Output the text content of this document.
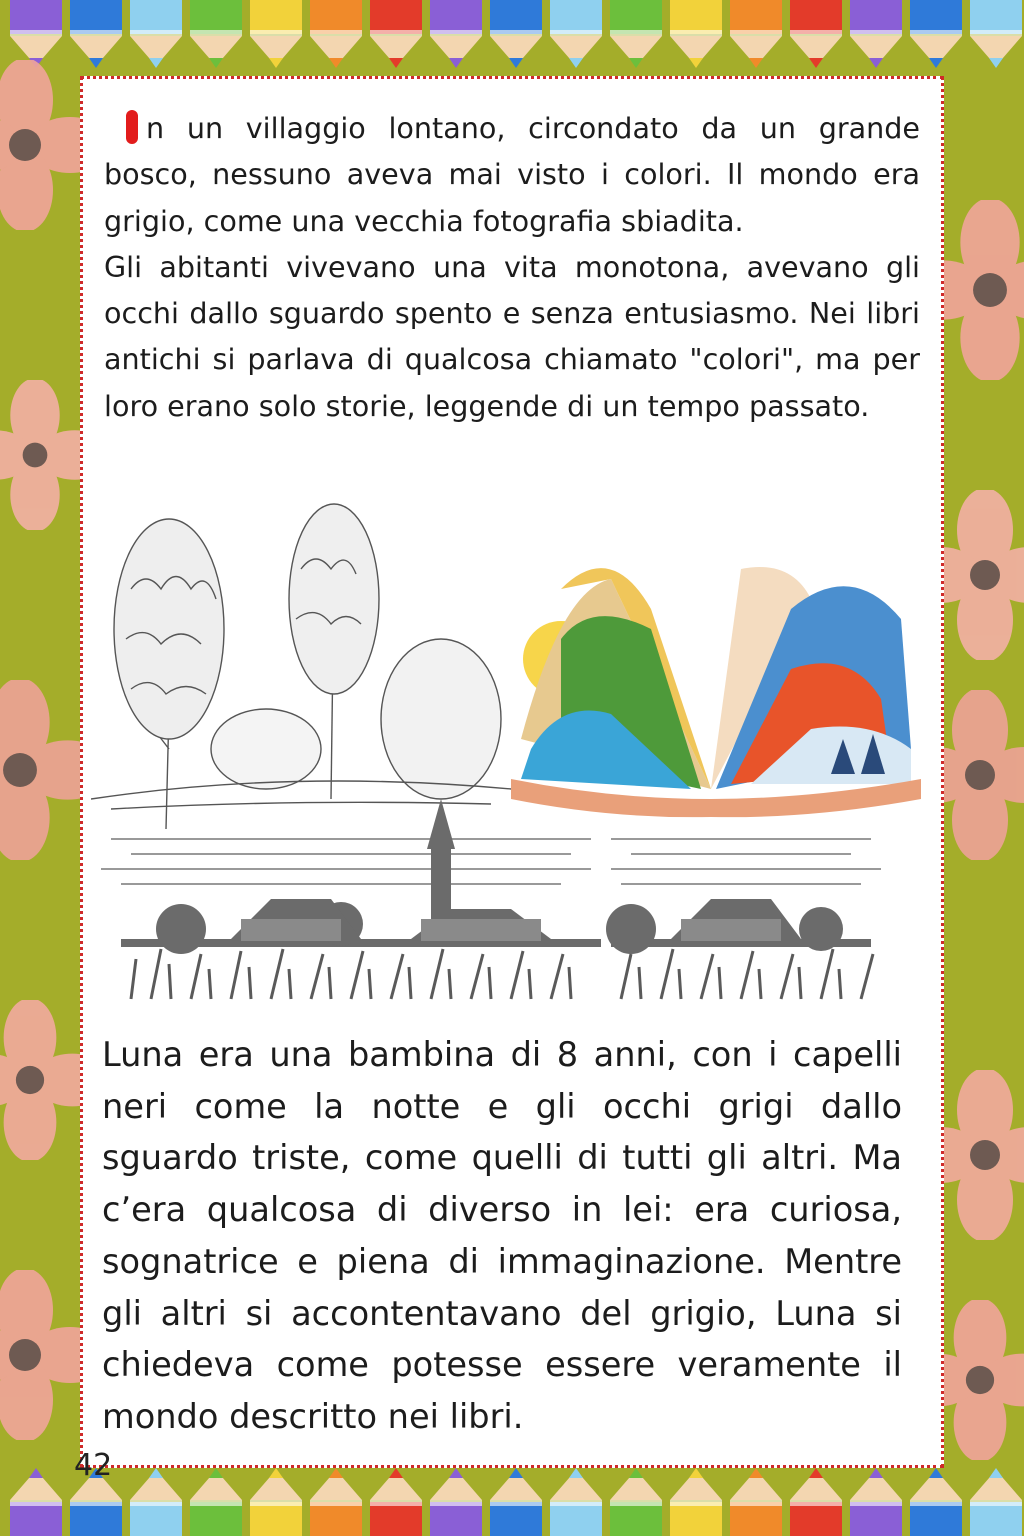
n un villaggio lontano, circondato da un grande bosco, nessuno aveva mai visto i colori. Il mondo era grigio, come una vecchia fotografia sbiadita.
Gli abitanti vivevano una vita monotona, avevano gli occhi dallo sguardo spento e senza entusiasmo. Nei libri antichi si parlava di qualcosa chiamato "colori", ma per loro erano solo storie, leggende di un tempo passato.

Luna era una bambina di 8 anni, con i capelli neri come la notte e gli occhi grigi dallo sguardo triste, come quelli di tutti gli altri. Ma c’era qualcosa di diverso in lei: era curiosa, sognatrice e piena di immaginazione. Mentre gli altri si accontentavano del grigio, Luna si chiedeva come potesse essere veramente il mondo descritto nei libri.

42
